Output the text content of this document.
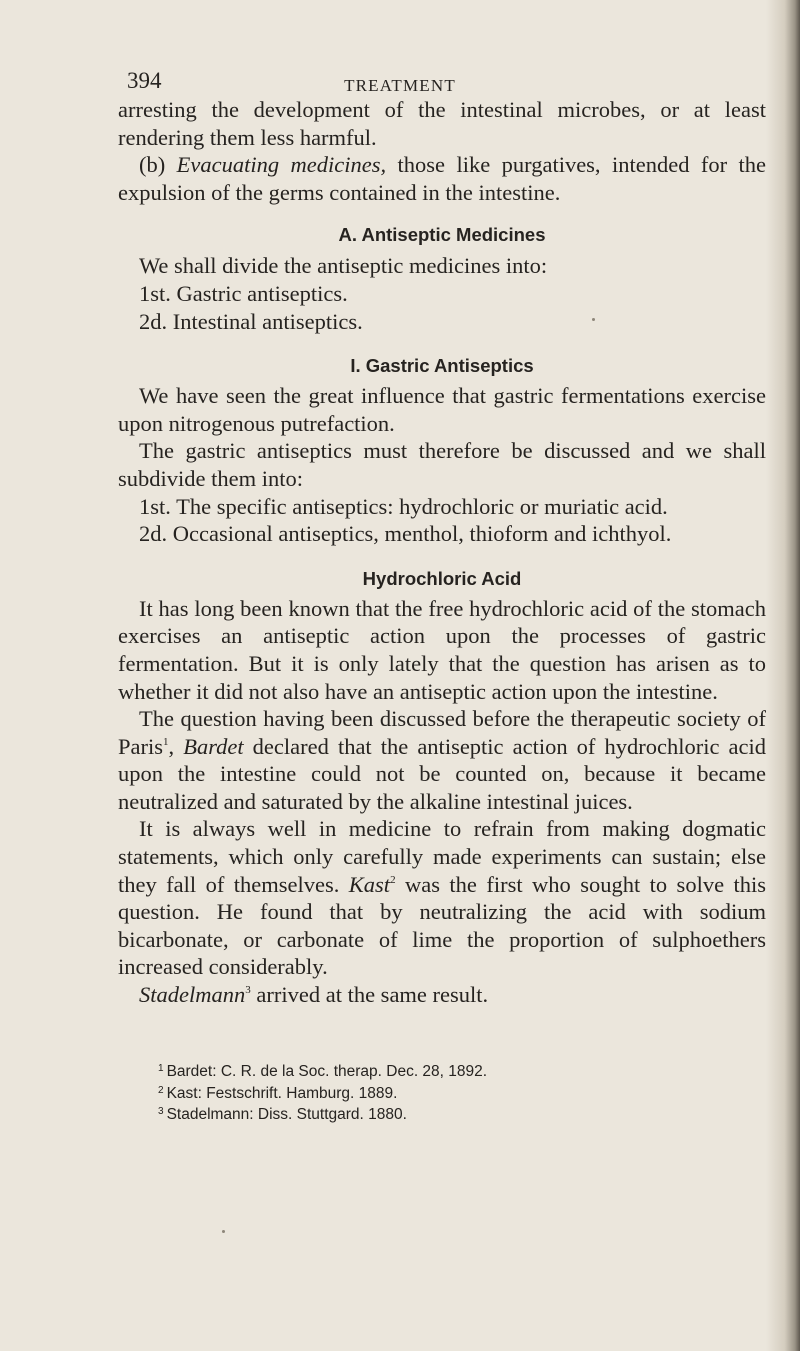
394	TREATMENT

arresting the development of the intestinal microbes, or at least rendering them less harmful.

(b) Evacuating medicines, those like purgatives, intended for the expulsion of the germs contained in the intestine.

A. Antiseptic Medicines

We shall divide the antiseptic medicines into:

1st. Gastric antiseptics.
2d. Intestinal antiseptics.
I. Gastric Antiseptics

We have seen the great influence that gastric fermentations exercise upon nitrogenous putrefaction.

The gastric antiseptics must therefore be discussed and we shall subdivide them into:

1st. The specific antiseptics: hydrochloric or muriatic acid.
2d. Occasional antiseptics, menthol, thioform and ichthyol.
Hydrochloric Acid

It has long been known that the free hydrochloric acid of the stomach exercises an antiseptic action upon the processes of gastric fermentation. But it is only lately that the question has arisen as to whether it did not also have an antiseptic action upon the intestine.

The question having been discussed before the therapeutic society of Paris$^1$, Bardet declared that the antiseptic action of hydrochloric acid upon the intestine could not be counted on, because it became neutralized and saturated by the alkaline intestinal juices.

It is always well in medicine to refrain from making dogmatic statements, which only carefully made experiments can sustain; else they fall of themselves. Kast$^2$ was the first who sought to solve this question. He found that by neutralizing the acid with sodium bicarbonate, or carbonate of lime the proportion of sulphoethers increased considerably.

Stadelmann$^3$ arrived at the same result.

$^1$ Bardet: C. R. de la Soc. therap. Dec. 28, 1892.
$^2$ Kast: Festschrift. Hamburg. 1889.
$^3$ Stadelmann: Diss. Stuttgard. 1880.
